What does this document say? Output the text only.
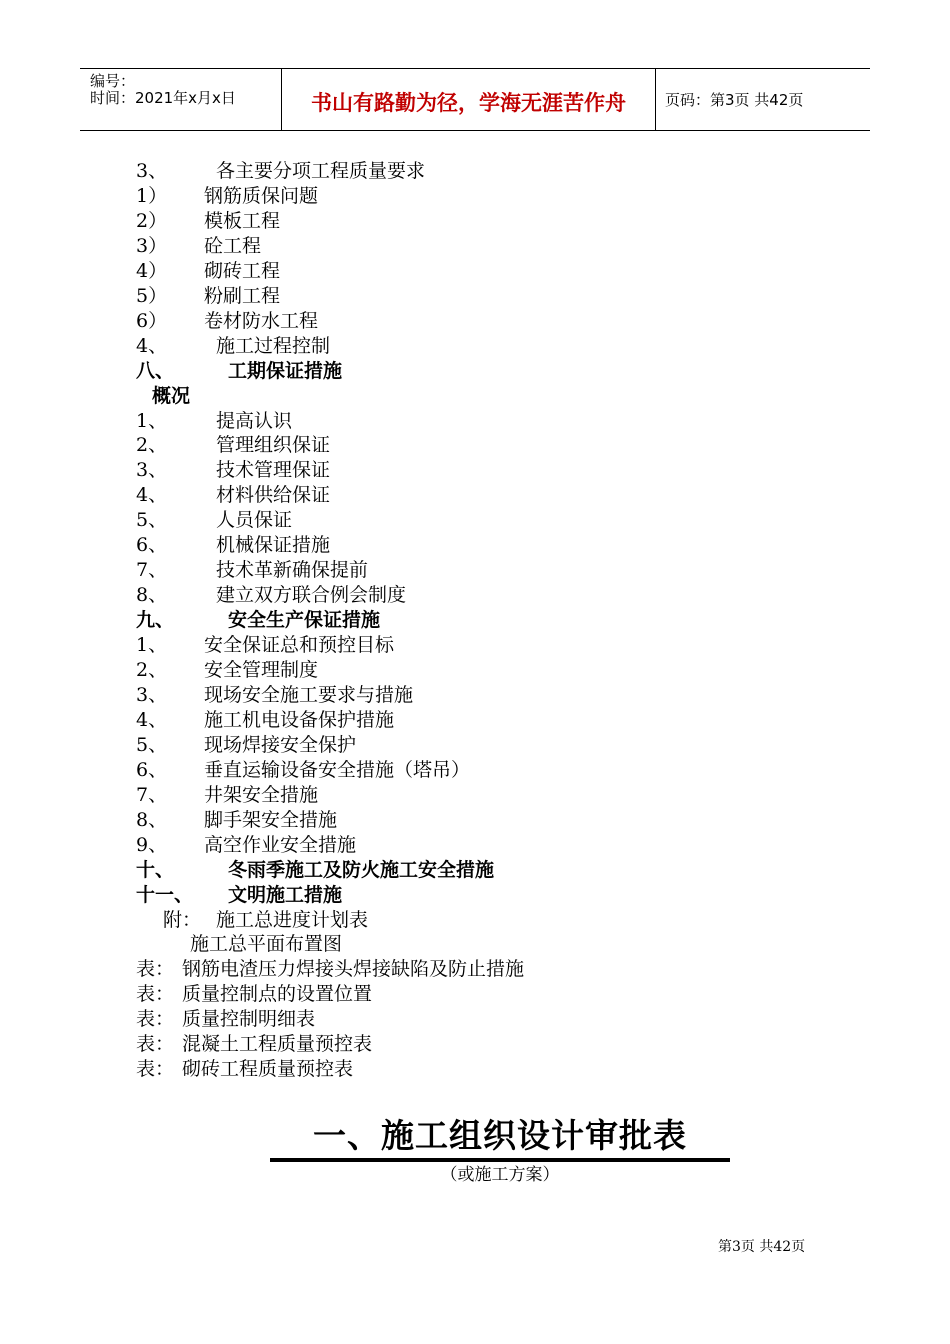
编号：
时间：2021年x月x日	书山有路勤为径，学海无涯苦作舟	页码：第3页 共42页
3、	各主要分项工程质量要求
1） 钢筋质保问题
2） 模板工程
3） 砼工程
4） 砌砖工程
5） 粉刷工程
6） 卷材防水工程
4、	施工过程控制
八、	工期保证措施
概况
1、	提高认识
2、	管理组织保证
3、	技术管理保证
4、	材料供给保证
5、	人员保证
6、	机械保证措施
7、	技术革新确保提前
8、	建立双方联合例会制度
九、	安全生产保证措施
1、 安全保证总和预控目标
2、 安全管理制度
3、 现场安全施工要求与措施
4、 施工机电设备保护措施
5、 现场焊接安全保护
6、 垂直运输设备安全措施（塔吊）
7、 井架安全措施
8、 脚手架安全措施
9、 高空作业安全措施
十、	冬雨季施工及防火施工安全措施
十一、 文明施工措施
附： 施工总进度计划表
施工总平面布置图
表： 钢筋电渣压力焊接头焊接缺陷及防止措施
表： 质量控制点的设置位置
表： 质量控制明细表
表： 混凝土工程质量预控表
表： 砌砖工程质量预控表
一、施工组织设计审批表
（或施工方案）
第3页 共42页
